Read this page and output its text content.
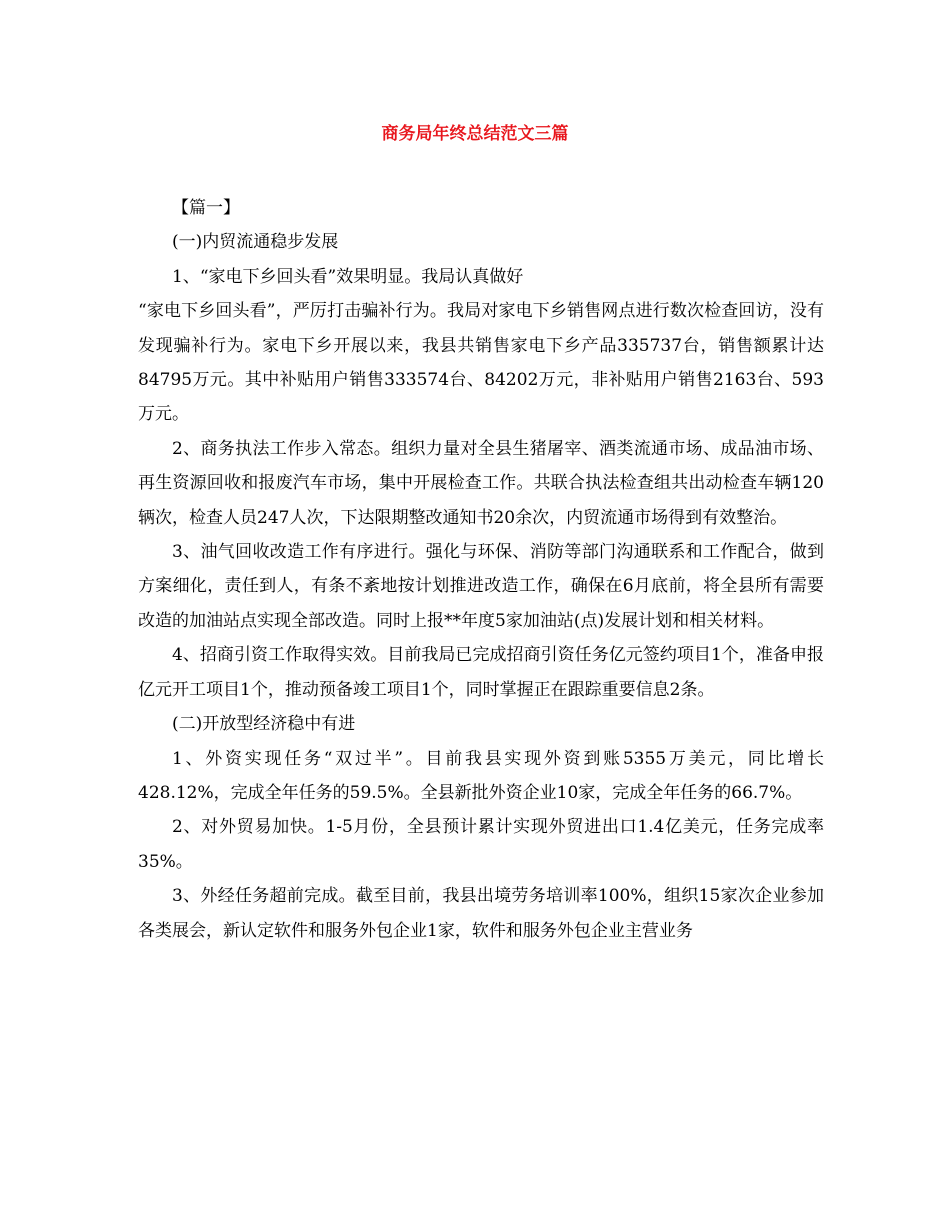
商务局年终总结范文三篇

【篇一】

(一)内贸流通稳步发展

1、“家电下乡回头看”效果明显。我局认真做好

“家电下乡回头看”，严厉打击骗补行为。我局对家电下乡销售网点进行数次检查回访，没有发现骗补行为。家电下乡开展以来，我县共销售家电下乡产品335737台，销售额累计达84795万元。其中补贴用户销售333574台、84202万元，非补贴用户销售2163台、593万元。

2、商务执法工作步入常态。组织力量对全县生猪屠宰、酒类流通市场、成品油市场、再生资源回收和报废汽车市场，集中开展检查工作。共联合执法检查组共出动检查车辆120辆次，检查人员247人次，下达限期整改通知书20余次，内贸流通市场得到有效整治。

3、油气回收改造工作有序进行。强化与环保、消防等部门沟通联系和工作配合，做到方案细化，责任到人，有条不紊地按计划推进改造工作，确保在6月底前，将全县所有需要改造的加油站点实现全部改造。同时上报**年度5家加油站(点)发展计划和相关材料。

4、招商引资工作取得实效。目前我局已完成招商引资任务亿元签约项目1个，准备申报亿元开工项目1个，推动预备竣工项目1个，同时掌握正在跟踪重要信息2条。

(二)开放型经济稳中有进

1、外资实现任务“双过半”。目前我县实现外资到账5355万美元，同比增长428.12%，完成全年任务的59.5%。全县新批外资企业10家，完成全年任务的66.7%。

2、对外贸易加快。1-5月份，全县预计累计实现外贸进出口1.4亿美元，任务完成率35%。

3、外经任务超前完成。截至目前，我县出境劳务培训率100%，组织15家次企业参加各类展会，新认定软件和服务外包企业1家，软件和服务外包企业主营业务
